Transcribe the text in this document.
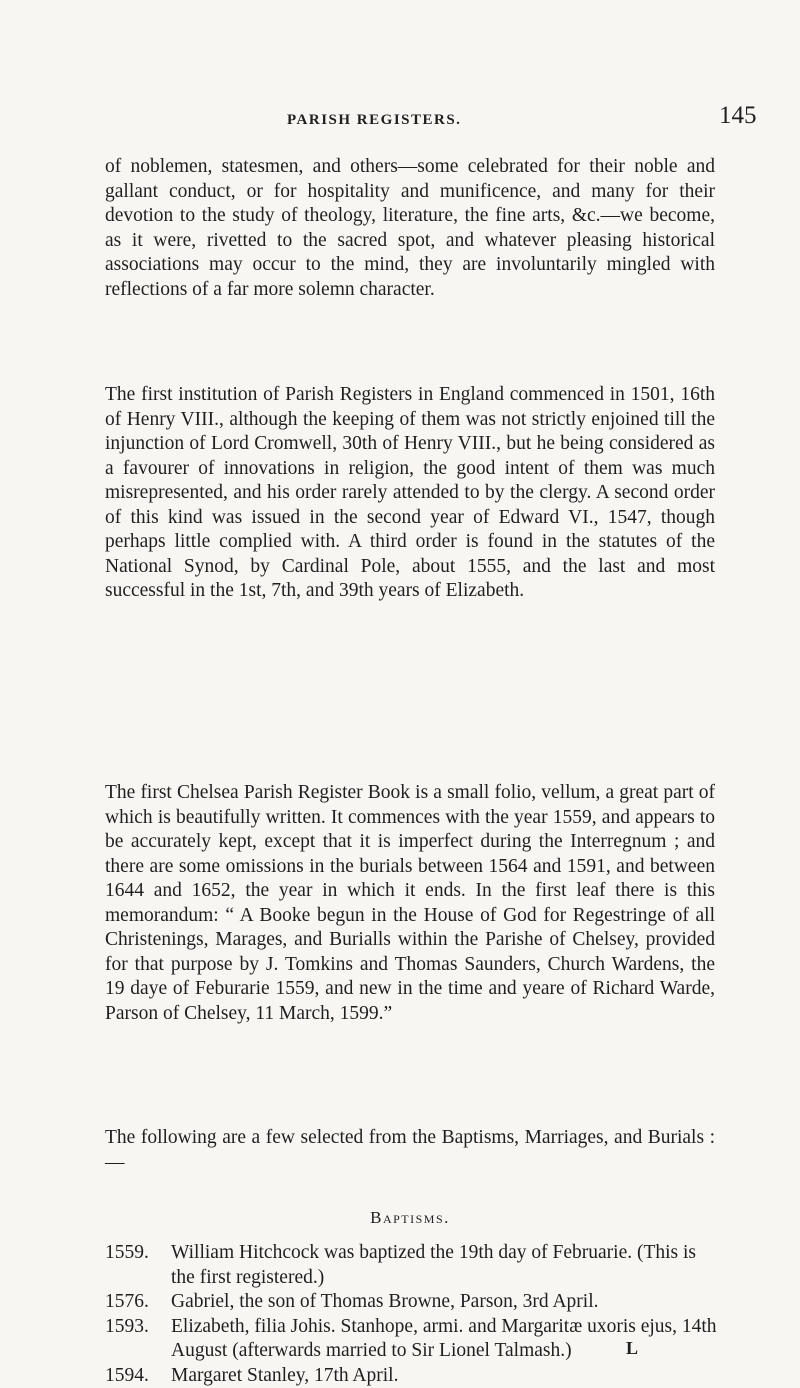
PARISH REGISTERS.	145

of noblemen, statesmen, and others—some celebrated for their noble and gallant conduct, or for hospitality and munificence, and many for their devotion to the study of theology, literature, the fine arts, &c.—we become, as it were, rivetted to the sacred spot, and whatever pleasing historical associations may occur to the mind, they are involuntarily mingled with reflections of a far more solemn character.

The first institution of Parish Registers in England commenced in 1501, 16th of Henry VIII., although the keeping of them was not strictly enjoined till the injunction of Lord Cromwell, 30th of Henry VIII., but he being considered as a favourer of innovations in religion, the good intent of them was much misrepresented, and his order rarely attended to by the clergy. A second order of this kind was issued in the second year of Edward VI., 1547, though perhaps little complied with. A third order is found in the statutes of the National Synod, by Cardinal Pole, about 1555, and the last and most successful in the 1st, 7th, and 39th years of Elizabeth.

The first Chelsea Parish Register Book is a small folio, vellum, a great part of which is beautifully written. It commences with the year 1559, and appears to be accurately kept, except that it is imperfect during the Interregnum ; and there are some omissions in the burials between 1564 and 1591, and between 1644 and 1652, the year in which it ends. In the first leaf there is this memorandum: “ A Booke begun in the House of God for Regestringe of all Christenings, Marages, and Burialls within the Parishe of Chelsey, provided for that purpose by J. Tomkins and Thomas Saunders, Church Wardens, the 19 daye of Feburarie 1559, and new in the time and yeare of Richard Warde, Parson of Chelsey, 11 March, 1599.”

The following are a few selected from the Baptisms, Marriages, and Burials :—

Baptisms.
1559.	William Hitchcock was baptized the 19th day of Februarie. (This is the first registered.)
1576.	Gabriel, the son of Thomas Browne, Parson, 3rd April.
1593.	Elizabeth, filia Johis. Stanhope, armi. and Margaritæ uxoris ejus, 14th August (afterwards married to Sir Lionel Talmash.)
1594.	Margaret Stanley, 17th April.
L
